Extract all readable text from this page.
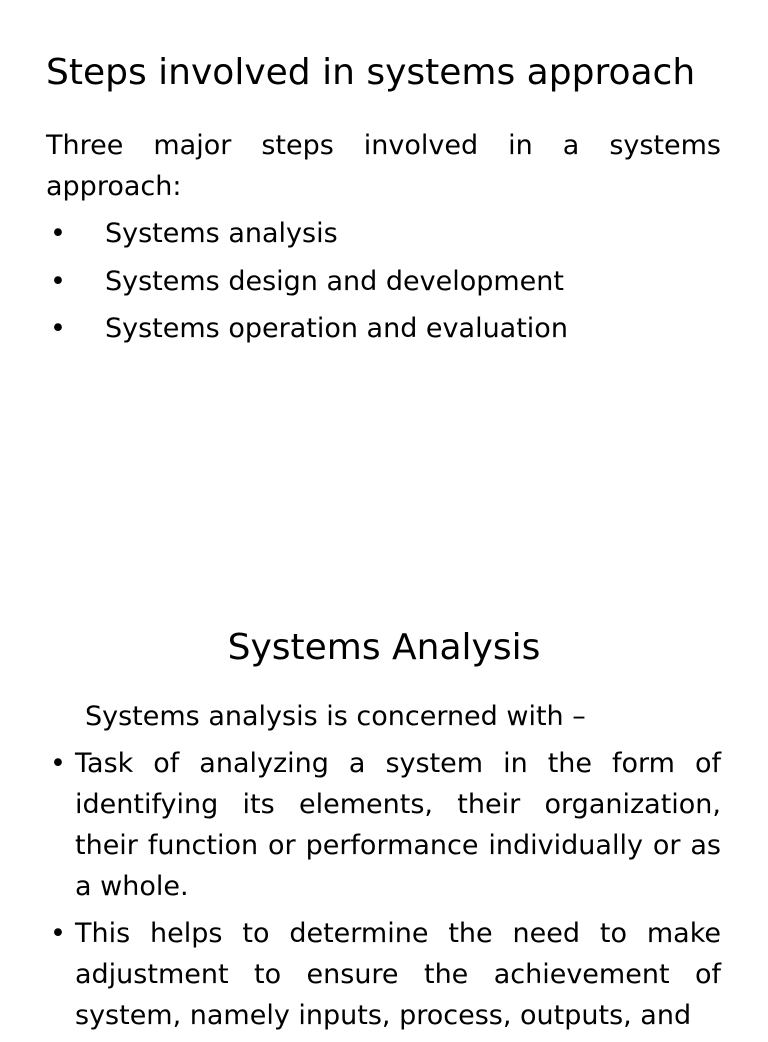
Steps involved in systems approach

Three major steps involved in a systems approach:

• Systems analysis
• Systems design and development
• Systems operation and evaluation
Systems Analysis

Systems analysis is concerned with –

• Task of analyzing a system in the form of identifying its elements, their organization, their function or performance individually or as a whole.
• This helps to determine the need to make adjustment to ensure the achievement of system, namely inputs, process, outputs, and
